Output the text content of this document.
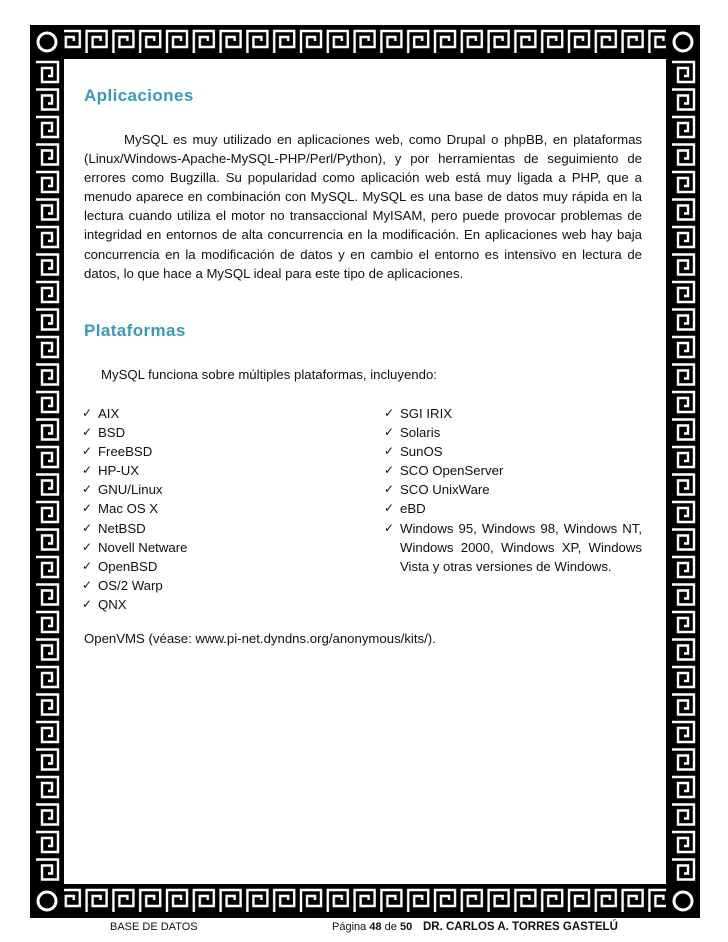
Aplicaciones

MySQL es muy utilizado en aplicaciones web, como Drupal o phpBB, en plataformas (Linux/Windows-Apache-MySQL-PHP/Perl/Python), y por herramientas de seguimiento de errores como Bugzilla. Su popularidad como aplicación web está muy ligada a PHP, que a menudo aparece en combinación con MySQL. MySQL es una base de datos muy rápida en la lectura cuando utiliza el motor no transaccional MyISAM, pero puede provocar problemas de integridad en entornos de alta concurrencia en la modificación. En aplicaciones web hay baja concurrencia en la modificación de datos y en cambio el entorno es intensivo en lectura de datos, lo que hace a MySQL ideal para este tipo de aplicaciones.

Plataformas

MySQL funciona sobre múltiples plataformas, incluyendo:

✓ AIX
✓ BSD
✓ FreeBSD
✓ HP-UX
✓ GNU/Linux
✓ Mac OS X
✓ NetBSD
✓ Novell Netware
✓ OpenBSD
✓ OS/2 Warp
✓ QNX
✓ SGI IRIX
✓ Solaris
✓ SunOS
✓ SCO OpenServer
✓ SCO UnixWare
✓ eBD
✓ Windows 95, Windows 98, Windows NT, Windows 2000, Windows XP, Windows Vista y otras versiones de Windows.

OpenVMS (véase: www.pi-net.dyndns.org/anonymous/kits/).

BASE DE DATOS	Página 48 de 50 DR. CARLOS A. TORRES GASTELÚ
